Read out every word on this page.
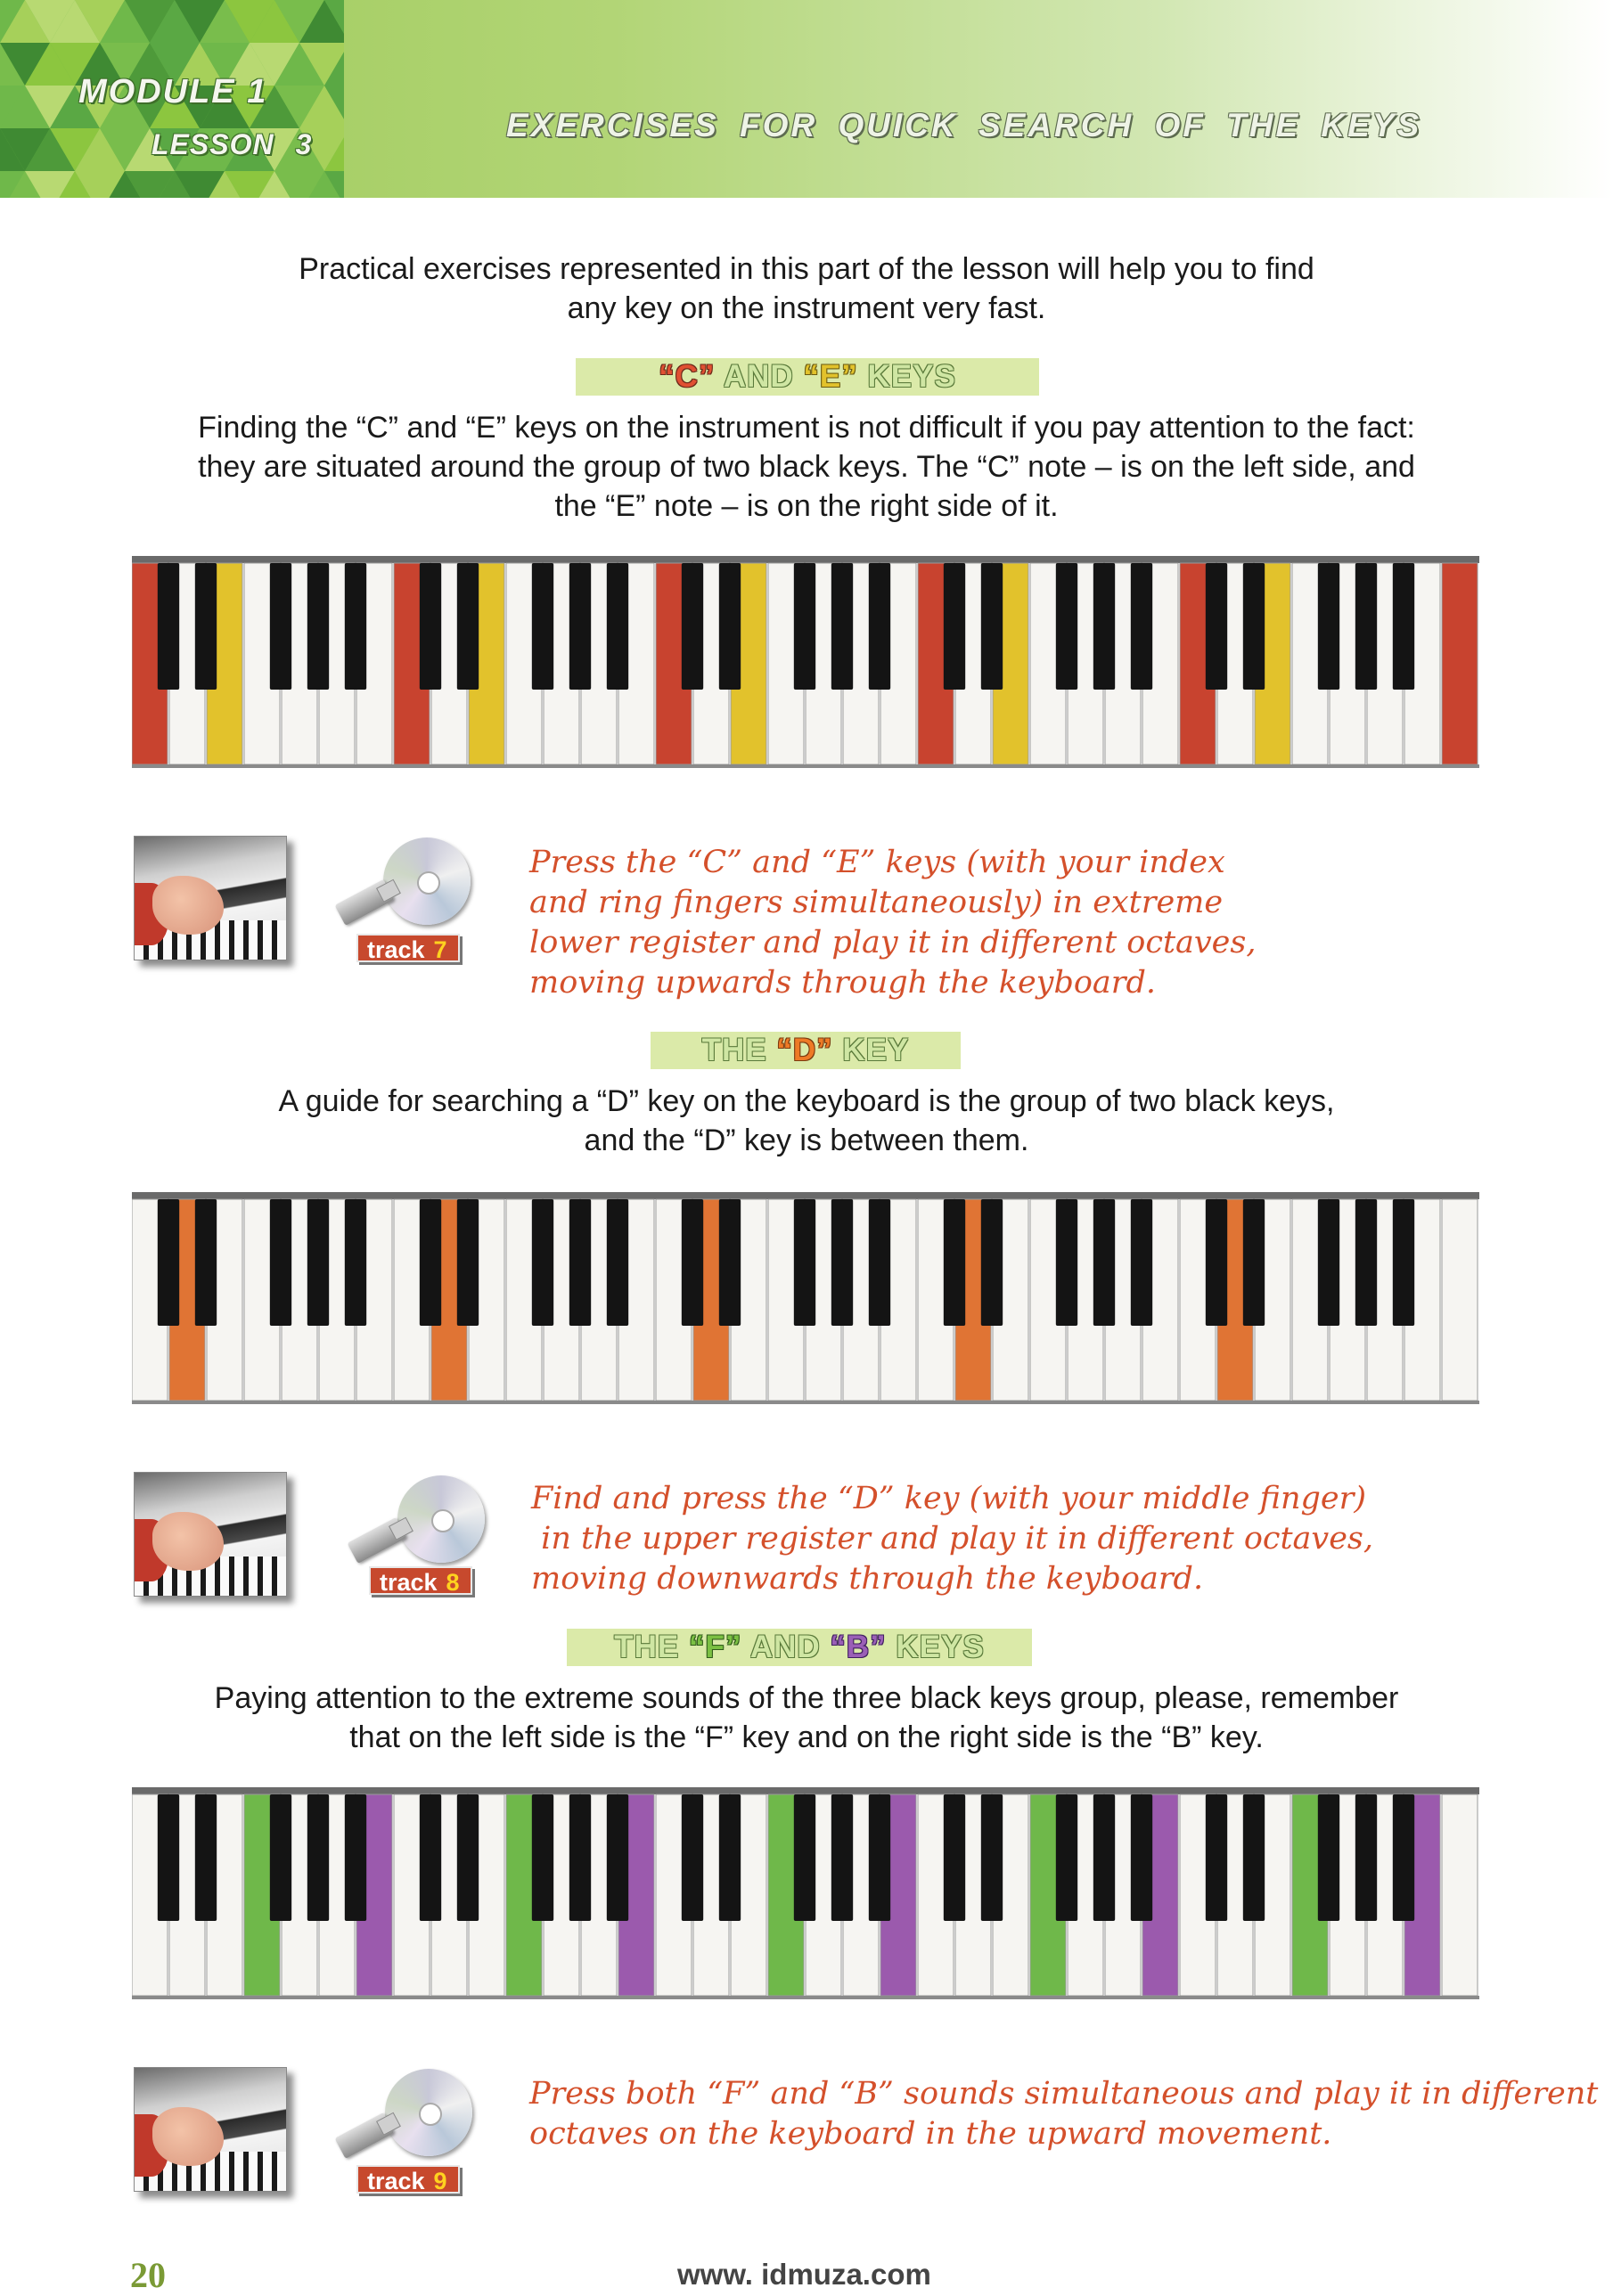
MODULE 1
LESSON 3
EXERCISES FOR QUICK SEARCH OF THE KEYS
Practical exercises represented in this part of the lesson will help you to find
any key on the instrument very fast.
“C” AND “E” KEYS
Finding the “C” and “E” keys on the instrument is not difficult if you pay attention to the fact:
they are situated around the group of two black keys. The “C” note – is on the left side, and
the “E” note – is on the right side of it.
track 7
Press the “C” and “E” keys (with your index
and ring fingers simultaneously) in extreme
lower register and play it in different octaves,
moving upwards through the keyboard.
THE “D” KEY
A guide for searching a “D” key on the keyboard is the group of two black keys,
and the “D” key is between them.
track 8
Find and press the “D” key (with your middle finger)
in the upper register and play it in different octaves,
moving downwards through the keyboard.
THE “F” AND “B” KEYS
Paying attention to the extreme sounds of the three black keys group, please, remember
that on the left side is the “F” key and on the right side is the “B” key.
track 9
Press both “F” and “B” sounds simultaneous and play it in different
octaves on the keyboard in the upward movement.
20	www. idmuza.com
